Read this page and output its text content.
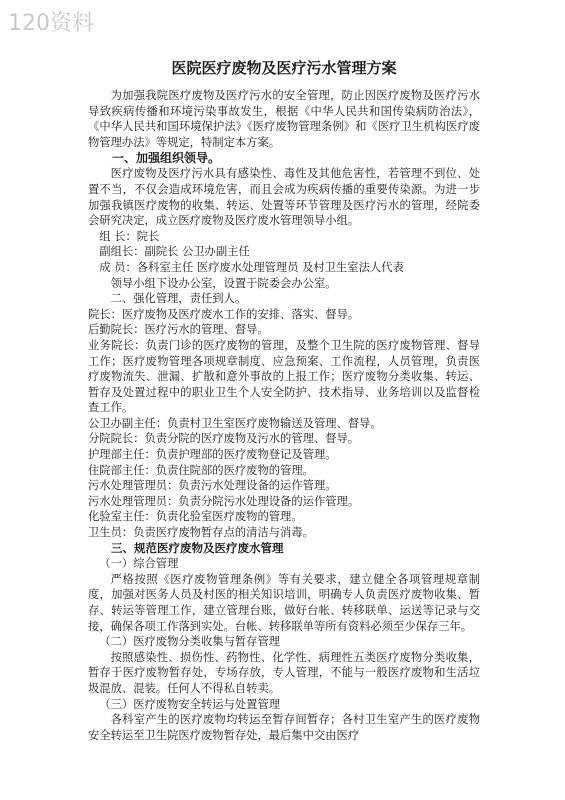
120资料
医院医疗废物及医疗污水管理方案

为加强我院医疗废物及医疗污水的安全管理，防止因医疗废物及医疗污水导致疾病传播和环境污染事故发生，根据《中华人民共和国传染病防治法》，《中华人民共和国环境保护法》《医疗废物管理条例》和《医疗卫生机构医疗废物管理办法》等规定，特制定本方案。

一、加强组织领导。

医疗废物及医疗污水具有感染性、毒性及其他危害性，若管理不到位、处置不当，不仅会造成环境危害，而且会成为疾病传播的重要传染源。为进一步加强我镇医疗废物的收集、转运、处置等环节管理及医疗污水的管理，经院委会研究决定，成立医疗废物及医疗废水管理领导小组。

组 长：院长

副组长：副院长 公卫办副主任

成 员：各科室主任 医疗废水处理管理员 及村卫生室法人代表

领导小组下设办公室，设置于院委会办公室。

二、强化管理，责任到人。

院长：医疗废物及医疗废水工作的安排、落实、督导。

后勤院长：医疗污水的管理、督导。

业务院长：负责门诊的医疗废物的管理，及整个卫生院的医疗废物管理、督导工作；医疗废物管理各项规章制度、应急预案、工作流程，人员管理，负责医疗废物流失、泄漏、扩散和意外事故的上报工作；医疗废物分类收集、转运、暂存及处置过程中的职业卫生个人安全防护、技术指导、业务培训以及监督检查工作。

公卫办副主任：负责村卫生室医疗废物输送及管理、督导。

分院院长：负责分院的医疗废物及污水的管理、督导。

护理部主任：负责护理部的医疗废物登记及管理。

住院部主任：负责住院部的医疗废物的管理。

污水处理管理员：负责污水处理设备的运作管理。

污水处理管理员：负责分院污水处理设备的运作管理。

化验室主任：负责化验室医疗废物的管理。

卫生员：负责医疗废物暂存点的清洁与消毒。

三、规范医疗废物及医疗废水管理

（一）综合管理

严格按照《医疗废物管理条例》等有关要求，建立健全各项管理规章制度，加强对医务人员及村医的相关知识培训，明确专人负责医疗废物收集、暂存、转运等管理工作，建立管理台账，做好台帐、转移联单、运送等记录与交接，确保各项工作落到实处。台帐、转移联单等所有资料必须至少保存三年。

（二）医疗废物分类收集与暂存管理

按照感染性、损伤性、药物性、化学性、病理性五类医疗废物分类收集，暂存于医疗废物暂存处，专场存放，专人管理，不能与一般医疗废物和生活垃圾混放、混装。任何人不得私自转卖。

（三）医疗废物安全转运与处置管理

各科室产生的医疗废物均转运至暂存间暂存；各村卫生室产生的医疗废物安全转运至卫生院医疗废物暂存处，最后集中交由医疗
